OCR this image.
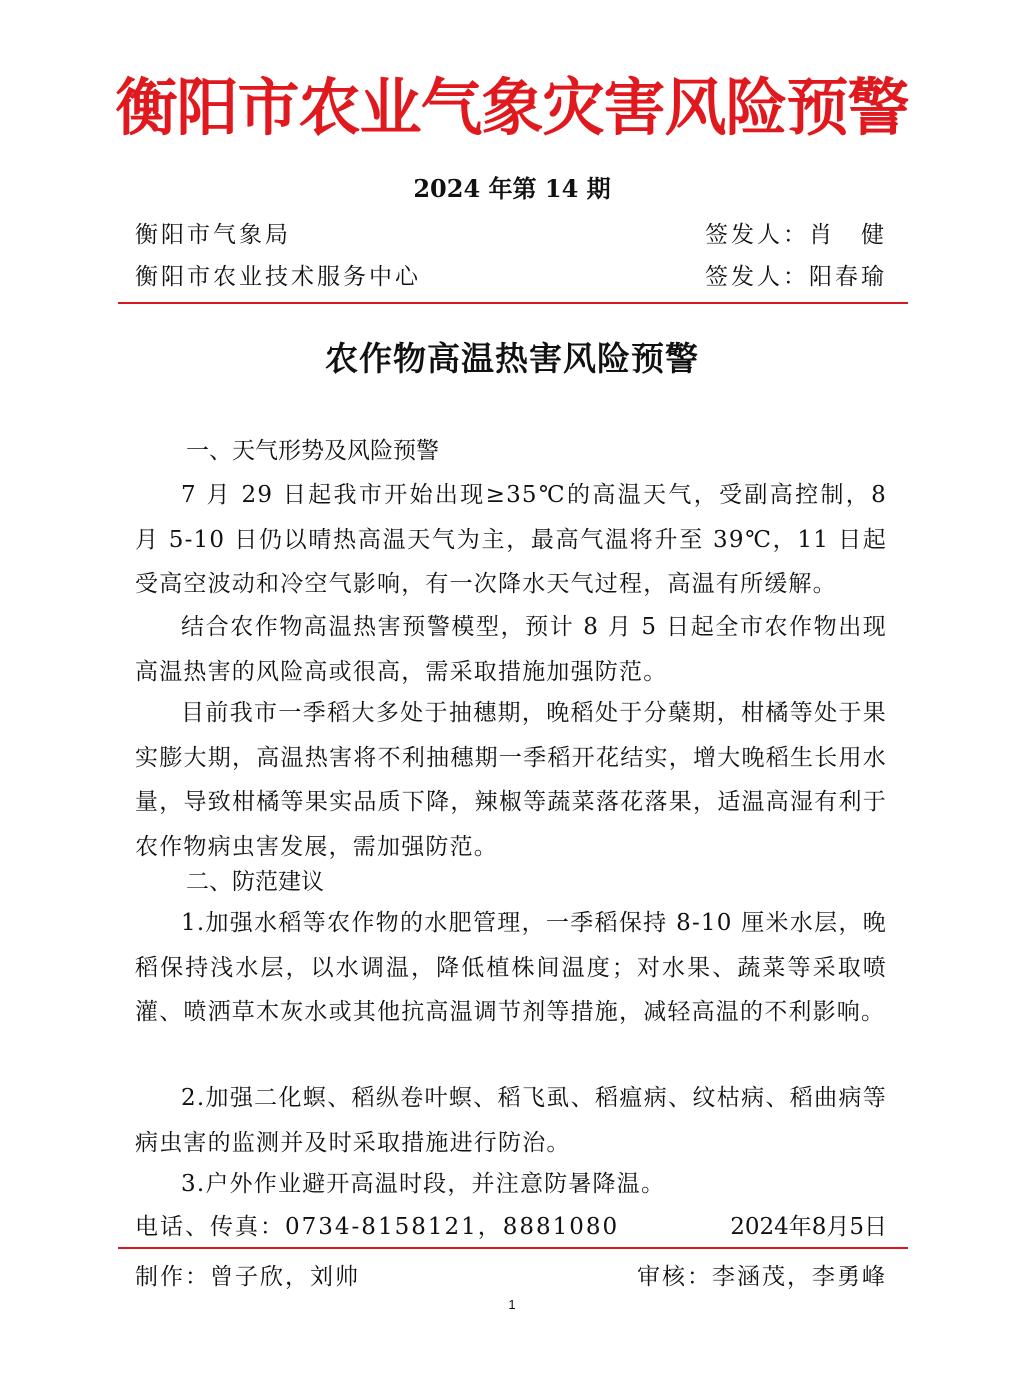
衡阳市农业气象灾害风险预警
2024 年第 14 期
衡阳市气象局	签发人：肖　健
衡阳市农业技术服务中心	签发人：阳春瑜
农作物高温热害风险预警
一、天气形势及风险预警
7 月 29 日起我市开始出现≥35℃的高温天气，受副高控制，8 月 5-10 日仍以晴热高温天气为主，最高气温将升至 39℃，11 日起受高空波动和冷空气影响，有一次降水天气过程，高温有所缓解。
结合农作物高温热害预警模型，预计 8 月 5 日起全市农作物出现高温热害的风险高或很高，需采取措施加强防范。
目前我市一季稻大多处于抽穗期，晚稻处于分蘖期，柑橘等处于果实膨大期，高温热害将不利抽穗期一季稻开花结实，增大晚稻生长用水量，导致柑橘等果实品质下降，辣椒等蔬菜落花落果，适温高湿有利于农作物病虫害发展，需加强防范。
二、防范建议
1.加强水稻等农作物的水肥管理，一季稻保持 8-10 厘米水层，晚稻保持浅水层，以水调温，降低植株间温度；对水果、蔬菜等采取喷灌、喷洒草木灰水或其他抗高温调节剂等措施，减轻高温的不利影响。
2.加强二化螟、稻纵卷叶螟、稻飞虱、稻瘟病、纹枯病、稻曲病等病虫害的监测并及时采取措施进行防治。
3.户外作业避开高温时段，并注意防暑降温。
电话、传真：0734-8158121，8881080	2024年8月5日
制作：曾子欣，刘帅	审核：李涵茂，李勇峰
1
